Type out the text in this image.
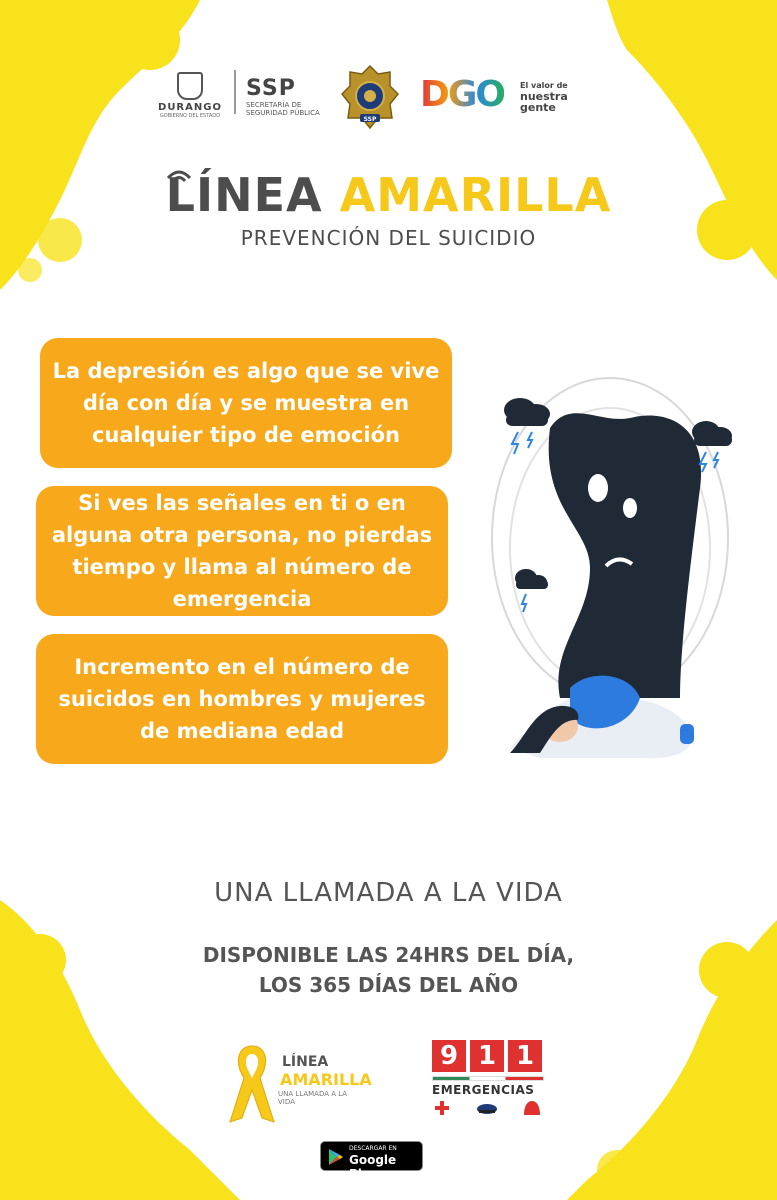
DURANGO
GOBIERNO DEL ESTADO
SSP
SECRETARÍA DE
SEGURIDAD PÚBLICA
SSP
DGO El valor de
nuestra
gente
LÍNEA AMARILLA
PREVENCIÓN DEL SUICIDIO
La depresión es algo que se vive día con día y se muestra en cualquier tipo de emoción
Si ves las señales en ti o en alguna otra persona, no pierdas tiempo y llama al número de emergencia
Incremento en el número de suicidos en hombres y mujeres de mediana edad
UNA LLAMADA A LA VIDA
DISPONIBLE LAS 24HRS DEL DÍA,
LOS 365 DÍAS DEL AÑO
LÍNEA
AMARILLA
UNA LLAMADA A LA VIDA
9 1 1
EMERGENCIAS
DESCARGAR EN
Google Play
